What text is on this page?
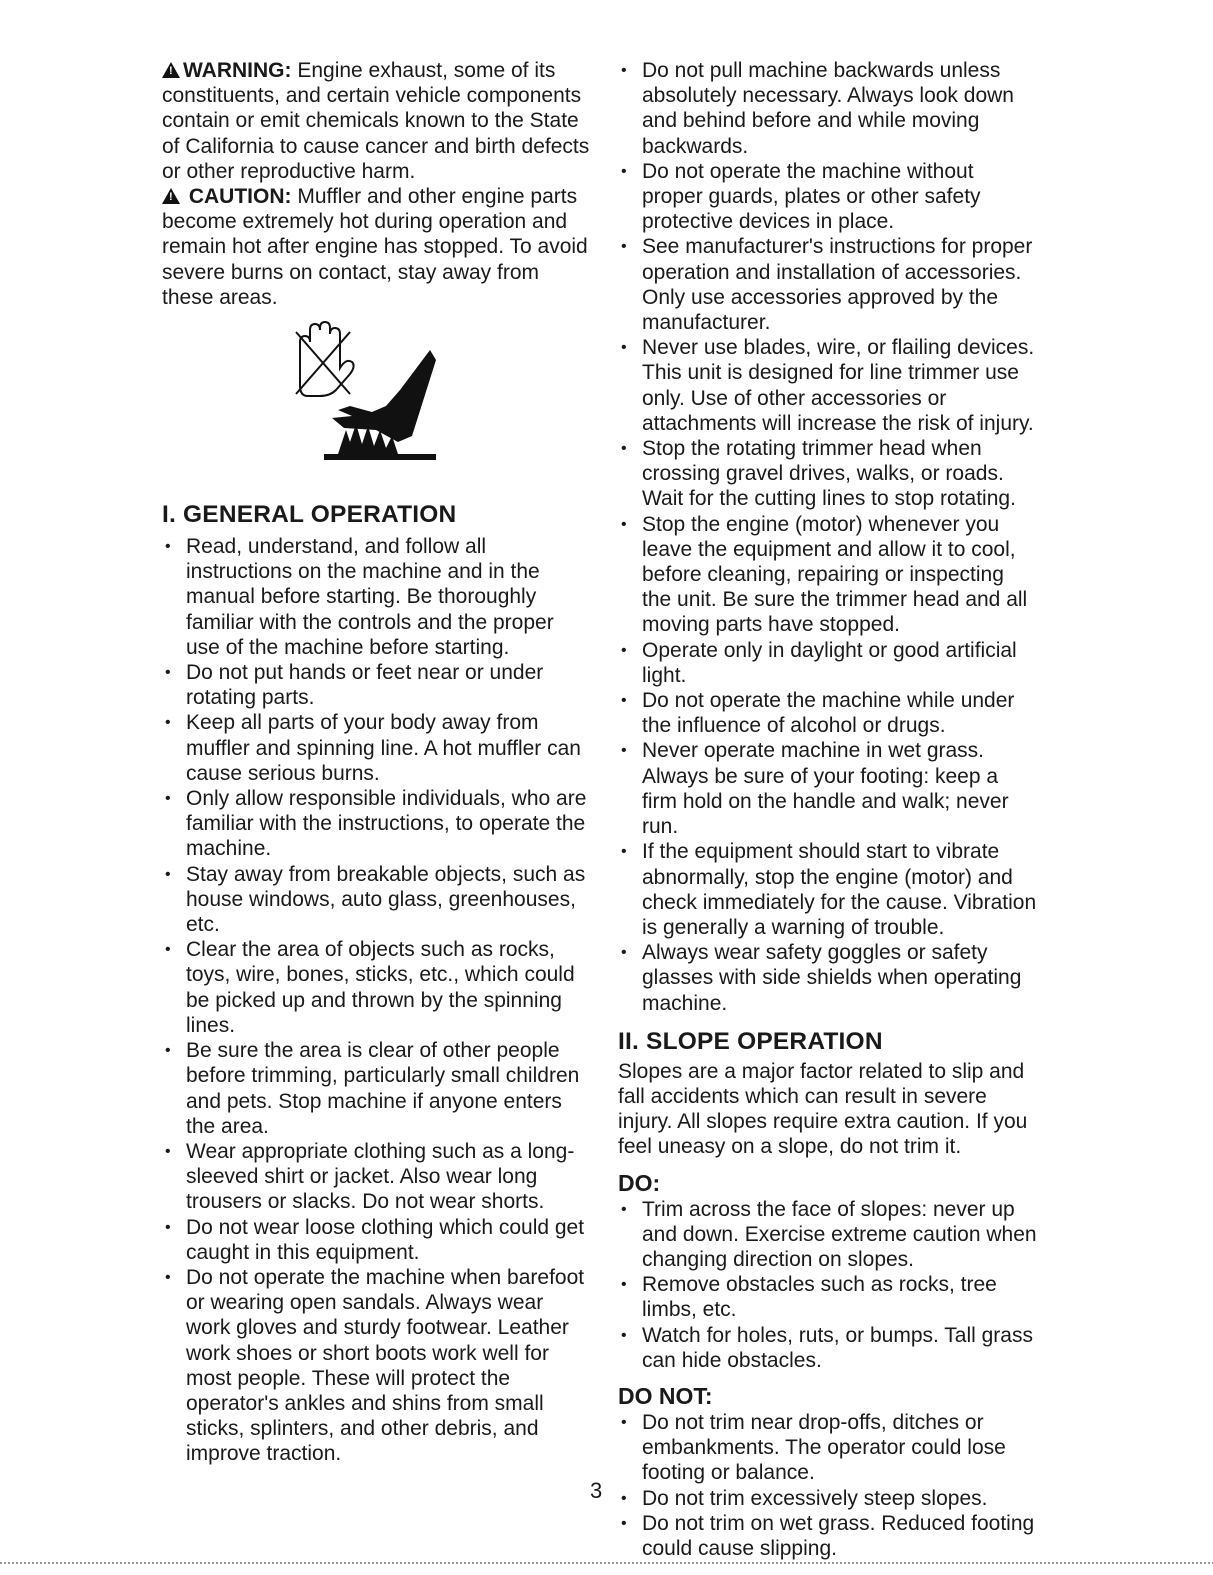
!WARNING: Engine exhaust, some of its constituents, and certain vehicle components contain or emit chemicals known to the State of California to cause cancer and birth defects or other reproductive harm.

! CAUTION: Muffler and other engine parts become extremely hot during operation and remain hot after engine has stopped. To avoid severe burns on contact, stay away from these areas.

I. GENERAL OPERATION
• Read, understand, and follow all instructions on the machine and in the manual before starting. Be thoroughly familiar with the controls and the proper use of the machine before starting.
• Do not put hands or feet near or under rotating parts.
• Keep all parts of your body away from muffler and spinning line. A hot muffler can cause serious burns.
• Only allow responsible individuals, who are familiar with the instructions, to operate the machine.
• Stay away from breakable objects, such as house windows, auto glass, greenhouses, etc.
• Clear the area of objects such as rocks, toys, wire, bones, sticks, etc., which could be picked up and thrown by the spinning lines.
• Be sure the area is clear of other people before trimming, particularly small children and pets. Stop machine if anyone enters the area.
• Wear appropriate clothing such as a long-sleeved shirt or jacket. Also wear long trousers or slacks. Do not wear shorts.
• Do not wear loose clothing which could get caught in this equipment.
• Do not operate the machine when barefoot or wearing open sandals. Always wear work gloves and sturdy footwear. Leather work shoes or short boots work well for most people. These will protect the operator's ankles and shins from small sticks, splinters, and other debris, and improve traction.
• Do not pull machine backwards unless absolutely necessary. Always look down and behind before and while moving backwards.
• Do not operate the machine without proper guards, plates or other safety protective devices in place.
• See manufacturer's instructions for proper operation and installation of accessories. Only use accessories approved by the manufacturer.
• Never use blades, wire, or flailing devices. This unit is designed for line trimmer use only. Use of other accessories or attachments will increase the risk of injury.
• Stop the rotating trimmer head when crossing gravel drives, walks, or roads. Wait for the cutting lines to stop rotating.
• Stop the engine (motor) whenever you leave the equipment and allow it to cool, before cleaning, repairing or inspecting the unit. Be sure the trimmer head and all moving parts have stopped.
• Operate only in daylight or good artificial light.
• Do not operate the machine while under the influence of alcohol or drugs.
• Never operate machine in wet grass. Always be sure of your footing: keep a firm hold on the handle and walk; never run.
• If the equipment should start to vibrate abnormally, stop the engine (motor) and check immediately for the cause. Vibration is generally a warning of trouble.
• Always wear safety goggles or safety glasses with side shields when operating machine.
II. SLOPE OPERATION

Slopes are a major factor related to slip and fall accidents which can result in severe injury. All slopes require extra caution. If you feel uneasy on a slope, do not trim it.

DO:
• Trim across the face of slopes: never up and down. Exercise extreme caution when changing direction on slopes.
• Remove obstacles such as rocks, tree limbs, etc.
• Watch for holes, ruts, or bumps. Tall grass can hide obstacles.
DO NOT:
• Do not trim near drop-offs, ditches or embankments. The operator could lose footing or balance.
• Do not trim excessively steep slopes.
• Do not trim on wet grass. Reduced footing could cause slipping.
3
